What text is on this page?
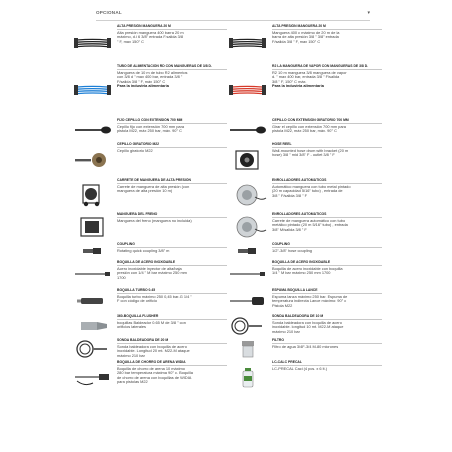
OPCIONAL	▾
ALTA PRESIÓN MANGUERA 20 M
Alta presión manguera 400 barra 20 m
máximo, d.i 6 3/8" entrada F.salida 3/8
" F, max 150° C
ALTA PRESIÓN MANGUERA 20 M
Manguera 400 c máximo de 20 m de la
barra de alta presión 3/8 " 3/8" entrada
F/salida 3/8 " F, max 150° C
TUBO DE ALIMENTACIÓN RD CON MANGUERAS DE 3/8 D.
Manguera de 10 m de tubo R2 alimentos
con 3/8 d " max 400 bar, entrada 3/8 "
F/salida 3/8 " F, máx 150° C
Para la industria alimentaria
R2 LA MANGUERA DE VAPOR CON MANGUERAS DE 3/8 D.
R2 10 m manguera 3/8 manguera de vapor
d. " max 400 bar, entrada 3/8 " F/salida
3/8 " F, 150° C máx.
Para la industria alimentaria
FIJO CEPILLO CON EXTENSIÓN 700 MM
Cepillo fijo con extensión 700 mm para
pistola M22, máx 250 bar, máx. 90° C
CEPILLO CON EXTENSIÓN GIRATORIO 700 MM
Girar el cepillo con extensión 700 mm para
pistola M22, máx 250 bar, máx. 90° C
CEPILLO GIRATORIO M22
Cepillo giratorio M22
HOSE REEL
Wall-mounted hose drum with bracket (20 m
hose) 3/8 " mid 3/8" F - outlet 3/8 " F
CARRETE DE MANGUERA DE ALTA PRESIÓN
Carrete de manguera de alta presión (con
manguera de alta presión 10 m)
ENROLLADORES AUTOMÁTICOS
Automático manguera con tubo metal pintado
(20 m capacidad 5/16" tubo) , entrada de
3/8 " F/salida 3/8 " F
MANGUERA DEL FRENO
Manguera del freno (manguera no incluida)
ENROLLADORES AUTOMÁTICOS
Carrete de manguera automático con tubo
metálico pintado (20 m 5/16" tubo) , entrada
3/8" M/salida 3/8 " F
COUPLING
Rotating quick coupling 3/8" m
COUPLING
1/2"-3/8" hose coupling
BOQUILLA DE ACERO INOXIDABLE
Acero inoxidable inyector de alta/baja
presión con 1/4 " M bar máximo 250 mm
1700
BOQUILLA DE ACERO INOXIDABLE
Boquilla de acero inoxidable con boquilla
1/4 " M bar máximo 250 mm 1700
BOQUILLA TURBO 0.45
Boquilla turbo máximo 250 0,45 bar-G 1/4 "
F con código de orificio
ESPUMA BOQUILLA LANCE
Espuma lanza máximo 250 bar. Espuma de
temperatura indirecta Lance máximo: 90° c
Pistola M22
360-BOQUILLA FLUSHER
boquillas Baldeador 0.65 M de 3/8 " con
orificios laterales
SONDA BALDEADORA DE 10 M
Sonda baldeadora con boquilla de acero
inoxidable. longitud 10 mt. M22-M ataque
máximo 210 bar
SONDA BALDEADORA DE 20 M
Sonda baldeadora con boquilla de acero
inoxidable. Longitud 20 mt. M22-M ataque
máximo 210 bar
FILTRO
Filtro de agua 3/4F-3/4 M-80 micrones
BOQUILLA DE CHORRO DE ARENA WIDIA
Boquilla de chorro de arena 10 máximo
280 bar temperatura máxima 90° c. Boquilla
de chorro de arena con boquillas de WIDIA
para pistolas M22
LC-CALC PRECAL
LC-PRECAL Caci (4 pcs. x 6 lt.)
